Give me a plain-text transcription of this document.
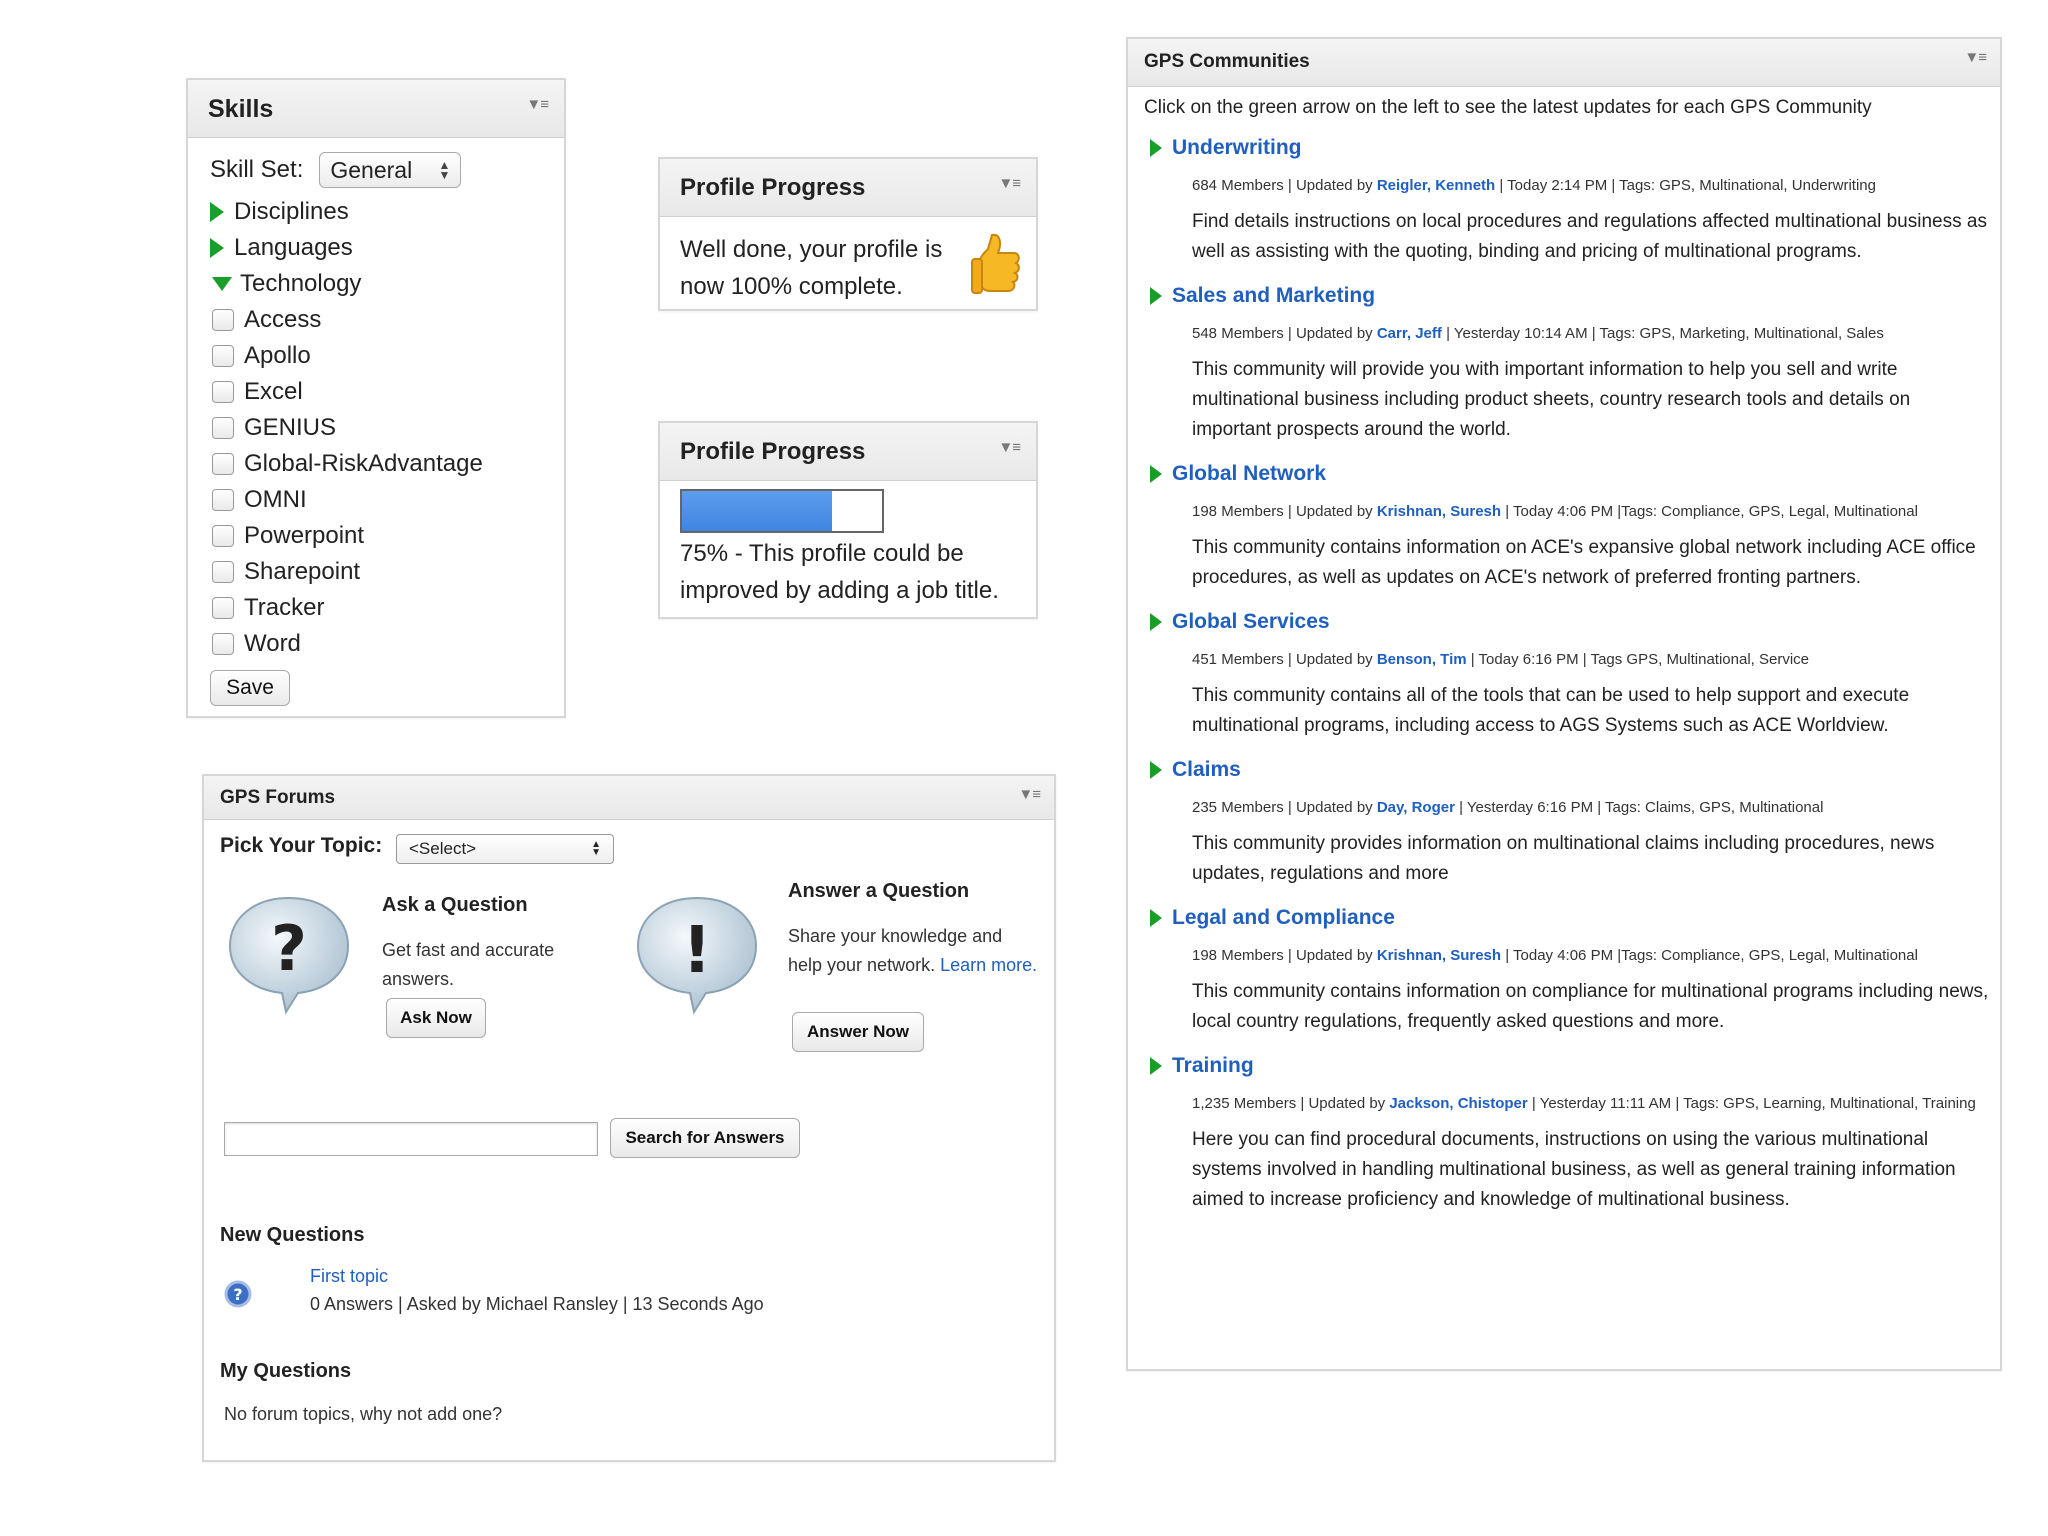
Skills	▼≡
Skill Set: General ▲
▼
Disciplines
Languages
Technology
Access
Apollo
Excel
GENIUS
Global-RiskAdvantage
OMNI
Powerpoint
Sharepoint
Tracker
Word
Save
Profile Progress	▼≡
Well done, your profile is now 100% complete.
Profile Progress	▼≡
75% - This profile could be improved by adding a job title.
GPS Forums	▼≡
Pick Your Topic: <Select>	▲
▼
?
Ask a Question
Get fast and accurate answers.
Ask Now
!
Answer a Question
Share your knowledge and help your network. Learn more.
Answer Now
Search for Answers
New Questions
?
First topic
0 Answers | Asked by Michael Ransley | 13 Seconds Ago
My Questions
No forum topics, why not add one?
GPS Communities	▼≡
Click on the green arrow on the left to see the latest updates for each GPS Community
Underwriting
684 Members | Updated by Reigler, Kenneth | Today 2:14 PM | Tags: GPS, Multinational, Underwriting
Find details instructions on local procedures and regulations affected multinational business as well as assisting with the quoting, binding and pricing of multinational programs.
Sales and Marketing
548 Members | Updated by Carr, Jeff | Yesterday 10:14 AM | Tags: GPS, Marketing, Multinational, Sales
This community will provide you with important information to help you sell and write multinational business including product sheets, country research tools and details on important prospects around the world.
Global Network
198 Members | Updated by Krishnan, Suresh | Today 4:06 PM |Tags: Compliance, GPS, Legal, Multinational
This community contains information on ACE's expansive global network including ACE office procedures, as well as updates on ACE's network of preferred fronting partners.
Global Services
451 Members | Updated by Benson, Tim | Today 6:16 PM | Tags GPS, Multinational, Service
This community contains all of the tools that can be used to help support and execute multinational programs, including access to AGS Systems such as ACE Worldview.
Claims
235 Members | Updated by Day, Roger | Yesterday 6:16 PM | Tags: Claims, GPS, Multinational
This community provides information on multinational claims including procedures, news updates, regulations and more
Legal and Compliance
198 Members | Updated by Krishnan, Suresh | Today 4:06 PM |Tags: Compliance, GPS, Legal, Multinational
This community contains information on compliance for multinational programs including news, local country regulations, frequently asked questions and more.
Training
1,235 Members | Updated by Jackson, Chistoper | Yesterday 11:11 AM | Tags: GPS, Learning, Multinational, Training
Here you can find procedural documents, instructions on using the various multinational systems involved in handling multinational business, as well as general training information aimed to increase proficiency and knowledge of multinational business.
